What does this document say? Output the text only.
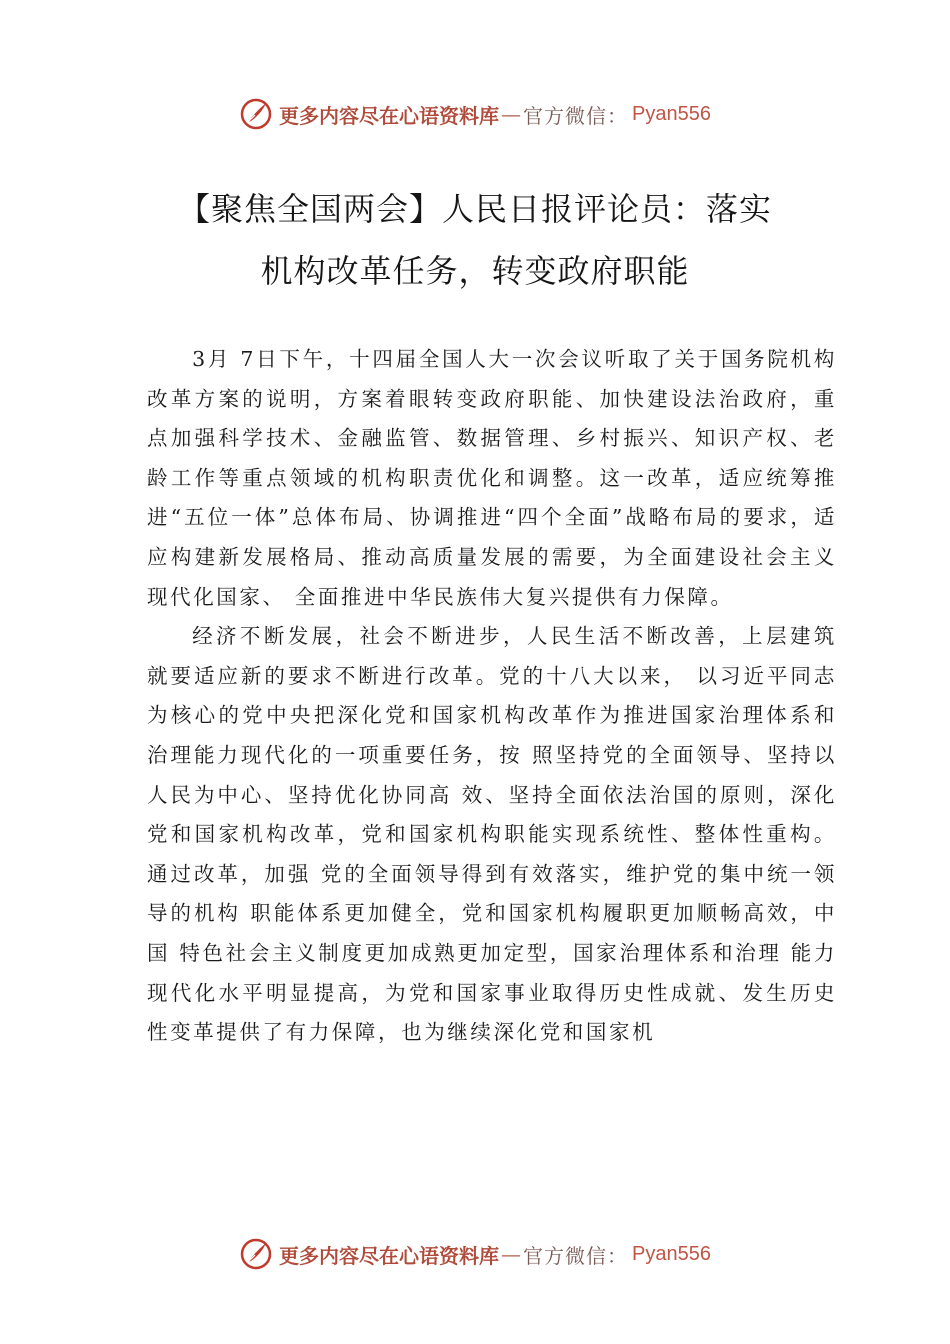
更多内容尽在心语资料库 — 官方微信： Pyan556
【聚焦全国两会】人民日报评论员：落实
机构改革任务，转变政府职能

3月 7日下午，十四届全国人大一次会议听取了关于国务院机构改革方案的说明，方案着眼转变政府职能、加快建设法治政府，重点加强科学技术、金融监管、数据管理、乡村振兴、知识产权、老龄工作等重点领域的机构职责优化和调整。这一改革，适应统筹推进“五位一体”总体布局、协调推进“四个全面”战略布局的要求，适应构建新发展格局、推动高质量发展的需要，为全面建设社会主义现代化国家、 全面推进中华民族伟大复兴提供有力保障。

经济不断发展，社会不断进步，人民生活不断改善，上层建筑就要适应新的要求不断进行改革。党的十八大以来， 以习近平同志为核心的党中央把深化党和国家机构改革作为推进国家治理体系和治理能力现代化的一项重要任务，按 照坚持党的全面领导、坚持以人民为中心、坚持优化协同高 效、坚持全面依法治国的原则，深化党和国家机构改革，党和国家机构职能实现系统性、整体性重构。通过改革，加强 党的全面领导得到有效落实，维护党的集中统一领导的机构 职能体系更加健全，党和国家机构履职更加顺畅高效，中国 特色社会主义制度更加成熟更加定型，国家治理体系和治理 能力现代化水平明显提高，为党和国家事业取得历史性成就、发生历史性变革提供了有力保障，也为继续深化党和国家机

更多内容尽在心语资料库 — 官方微信： Pyan556
